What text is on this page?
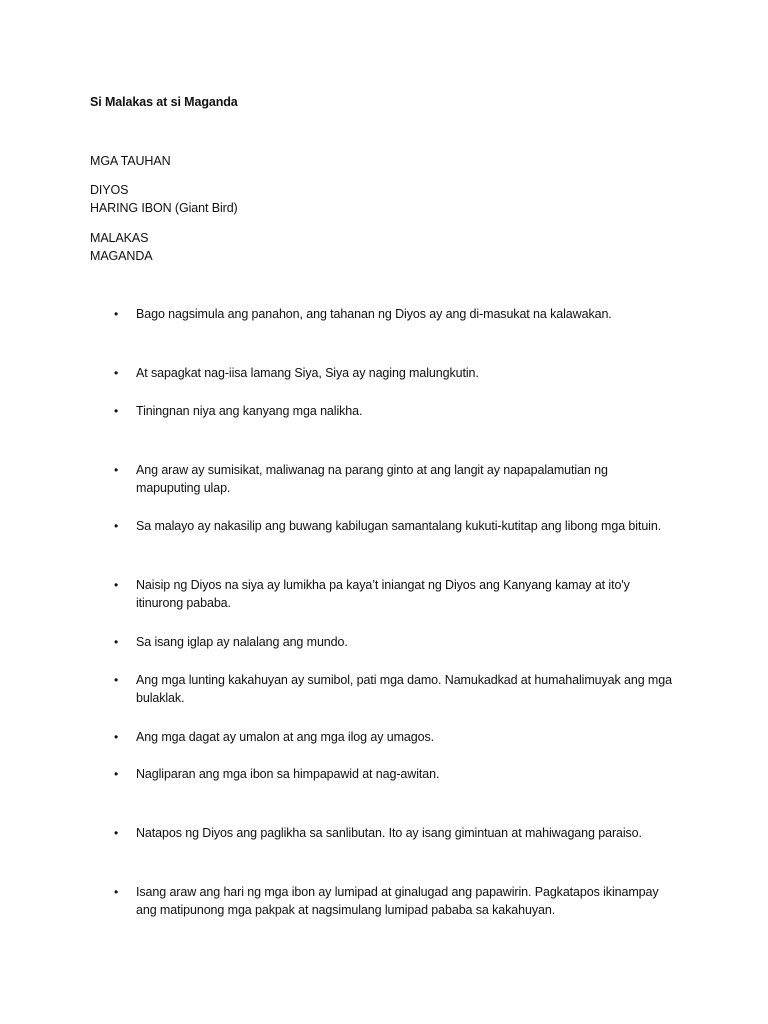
Si Malakas at si Maganda
MGA TAUHAN
DIYOS
HARING IBON (Giant Bird)
MALAKAS
MAGANDA
• Bago nagsimula ang panahon, ang tahanan ng Diyos ay ang di-masukat na kalawakan.
• At sapagkat nag-iisa lamang Siya, Siya ay naging malungkutin.
• Tiningnan niya ang kanyang mga nalikha.
• Ang araw ay sumisikat, maliwanag na parang ginto at ang langit ay napapalamutian ng mapuputing ulap.
• Sa malayo ay nakasilip ang buwang kabilugan samantalang kukuti-kutitap ang libong mga bituin.
• Naisip ng Diyos na siya ay lumikha pa kaya’t iniangat ng Diyos ang Kanyang kamay at ito'y itinurong pababa.
• Sa isang iglap ay nalalang ang mundo.
• Ang mga lunting kakahuyan ay sumibol, pati mga damo. Namukadkad at humahalimuyak ang mga bulaklak.
• Ang mga dagat ay umalon at ang mga ilog ay umagos.
• Nagliparan ang mga ibon sa himpapawid at nag-awitan.
• Natapos ng Diyos ang paglikha sa sanlibutan. Ito ay isang gimintuan at mahiwagang paraiso.
• Isang araw ang hari ng mga ibon ay lumipad at ginalugad ang papawirin. Pagkatapos ikinampay ang matipunong mga pakpak at nagsimulang lumipad pababa sa kakahuyan.
